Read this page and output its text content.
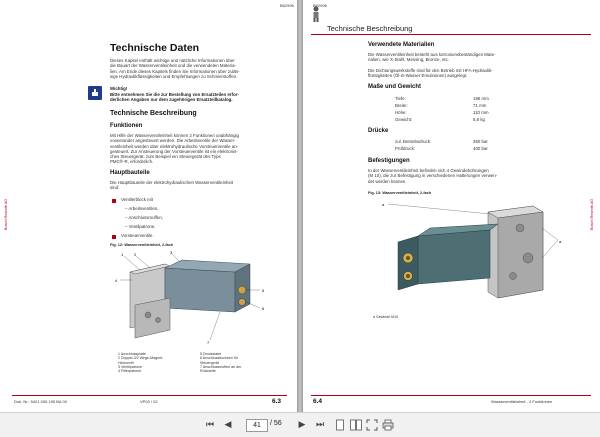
B62996
Bosch Rexroth AG
Technische Daten
Dieses Kapitel enthält wichtige und nützliche Informationen über
die Bauart der Wasserventileinheit und die verwendeten Materia-
lien. Am Ende dieses Kapitels finden Sie Informationen über zuläs-
sige Hydraulikflüssigkeiten und Empfehlungen zu Schmierstoffen.
Wichtig!
Bitte entnehmen Sie die zur Bestellung von Ersatzteilen erfor-
derlichen Angaben nur dem zugehörigen Ersatzteilkatalog.
Technische Beschreibung
Funktionen
Mit Hilfe der Wasserventileinheit können 2 Funktionen unabhängig
voneinander angesteuert werden. Die Arbeitsventile der Wasser-
ventileinheit werden über elektrohydraulische Vorsteuerventile an-
gesteuert. Zur Ansteuerung der Vorsteuerventile ist ein elektronis-
ches Steuergerät, zum Beispiel ein Steuergerät des Typs
PMC®-R, erforderlich.
Hauptbauteile
Die Hauptbauteile der elektrohydraulischen Wasserventileinheit
sind:
Ventilerblock mit
– Arbeitsventilen,
– Anschlussmuffen,
– Ventilpatrone,
Vorsteuerventile.
Fig. 12: Wasserventileinheit, 2-fach
1	2	3
4
5
6
7
1 Anschlussplatte
2 Doppel-3/2 Wege-Magnet-
Heizventil
3 Ventilpatrone
4 Filterpatrone
5 Druckstatet
6 Anschlussbuchsen für
Steuergerät
7 Anschlussmuffen an der
Rückseite
Dok. Nr.: 5421 006 190 BA 00	VP03 / 02	6.3
B62996
Technische Beschreibung
Bosch Rexroth AG
Verwendete Materialien
Die Wasserventileinheit besteht aus korrosionsbeständigen Mate-
rialien, wie X-Stahl, Messing, Bronze, etc.
Die Dichtungswerkstoffe sind für den Betrieb mit HFA-Hydraulik-
flüssigkeiten (Öl-in-Wasser Emulsionen) ausgelegt.
Maße und Gewicht
Tiefe:	196 mm
Breite:	71 mm
Höhe:	110 mm
Gewicht:	5,8 kg
Drücke
zul. Betriebsdruck:	350 bar
Prüfdruck:	400 bar
Befestigungen
In der Wasserventileinheit befinden sich 4 Gewindebohrungen
(M 10), die zur Befestigung in verschiedenen Halterungen verwen-
det werden können.
Fig. 13: Wasserventileinheit, 2-fach
a
a
a Gewinde M10
6.4	Wasserventileinheit - 2 Funktionen
⏮ ◀	41	/ 56 ▶ ⏭
